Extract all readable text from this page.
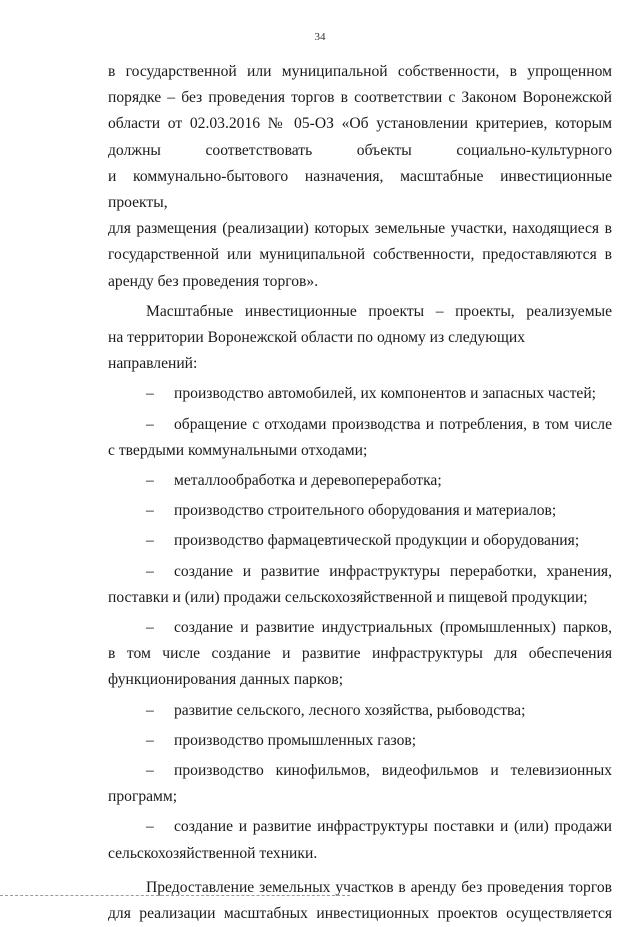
34

в государственной или муниципальной собственности, в упрощенном

порядке – без проведения торгов в соответствии с Законом Воронежской

области от 02.03.2016 № 05-ОЗ «Об установлении критериев, которым

должны соответствовать объекты социально-культурного

и коммунально-бытового назначения, масштабные инвестиционные проекты,

для размещения (реализации) которых земельные участки, находящиеся в

государственной или муниципальной собственности, предоставляются в

аренду без проведения торгов».

Масштабные инвестиционные проекты – проекты, реализуемые

на территории Воронежской области по одному из следующих направлений:

–	производство автомобилей, их компонентов и запасных частей;
–	обращение с отходами производства и потребления, в том числе

с твердыми коммунальными отходами;

–	металлообработка и деревопереработка;
–	производство строительного оборудования и материалов;
–	производство фармацевтической продукции и оборудования;
–	создание и развитие инфраструктуры переработки, хранения,

поставки и (или) продажи сельскохозяйственной и пищевой продукции;

–	создание и развитие индустриальных (промышленных) парков,

в том числе создание и развитие инфраструктуры для обеспечения

функционирования данных парков;

–	развитие сельского, лесного хозяйства, рыбоводства;
–	производство промышленных газов;
–	производство кинофильмов, видеофильмов и телевизионных

программ;

–	создание и развитие инфраструктуры поставки и (или) продажи

сельскохозяйственной техники.

Предоставление земельных участков в аренду без проведения торгов

для реализации масштабных инвестиционных проектов осуществляется
